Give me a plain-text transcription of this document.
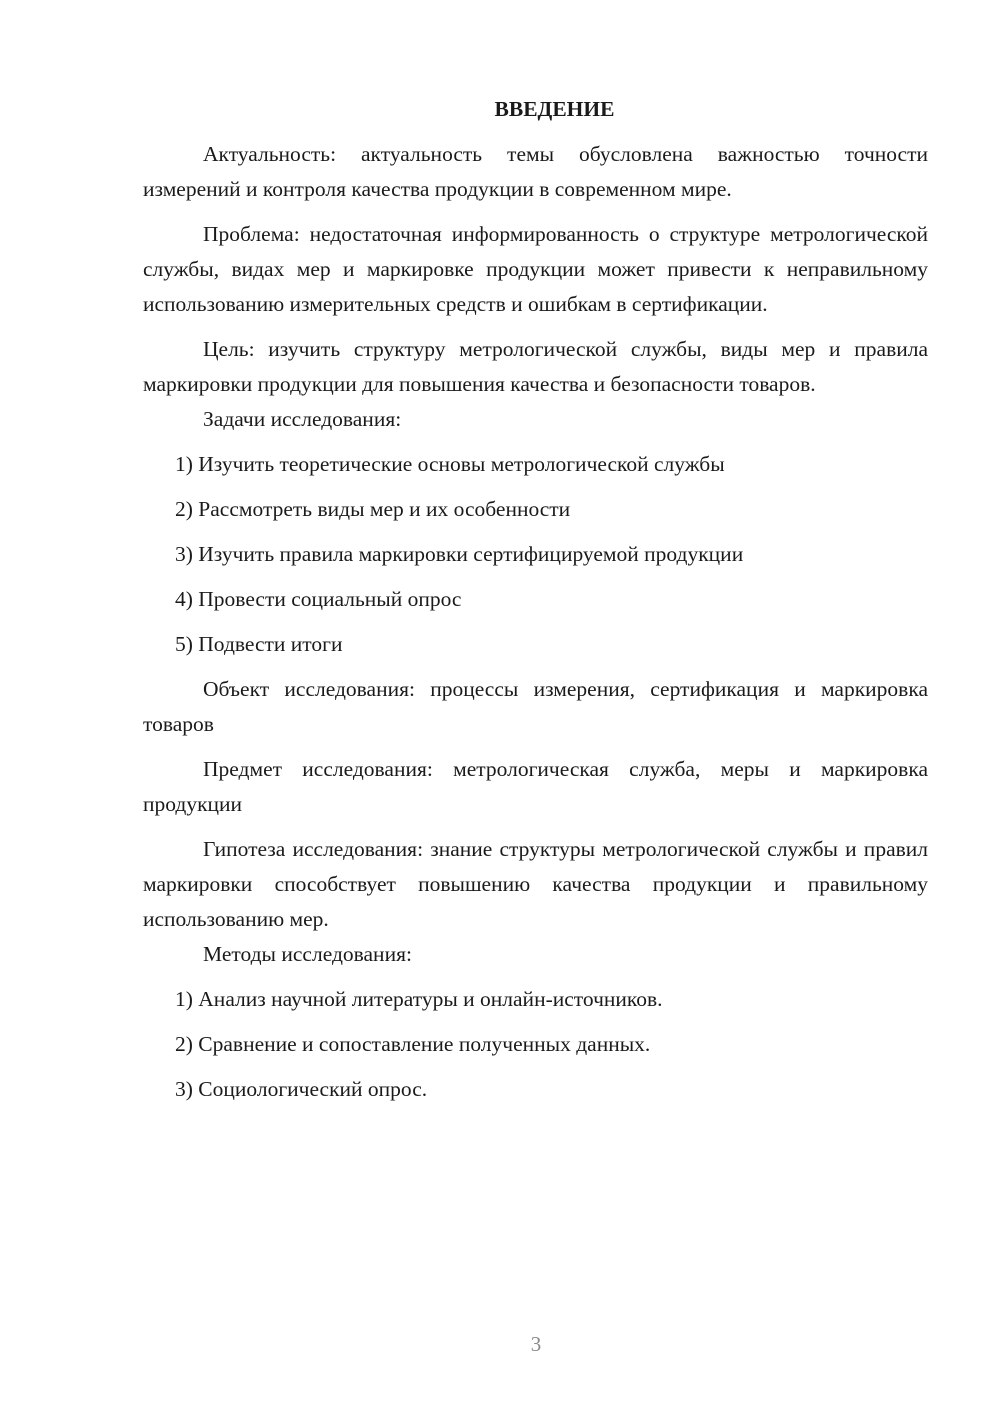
ВВЕДЕНИЕ

Актуальность: актуальность темы обусловлена важностью точности измерений и контроля качества продукции в современном мире.

Проблема: недостаточная информированность о структуре метрологической службы, видах мер и маркировке продукции может привести к неправильному использованию измерительных средств и ошибкам в сертификации.

Цель: изучить структуру метрологической службы, виды мер и правила маркировки продукции для повышения качества и безопасности товаров.

Задачи исследования:

1) Изучить теоретические основы метрологической службы
2) Рассмотреть виды мер и их особенности
3) Изучить правила маркировки сертифицируемой продукции
4) Провести социальный опрос
5) Подвести итоги

Объект исследования: процессы измерения, сертификация и маркировка товаров

Предмет исследования: метрологическая служба, меры и маркировка продукции

Гипотеза исследования: знание структуры метрологической службы и правил маркировки способствует повышению качества продукции и правильному использованию мер.

Методы исследования:

1) Анализ научной литературы и онлайн-источников.
2) Сравнение и сопоставление полученных данных.
3) Социологический опрос.
3
